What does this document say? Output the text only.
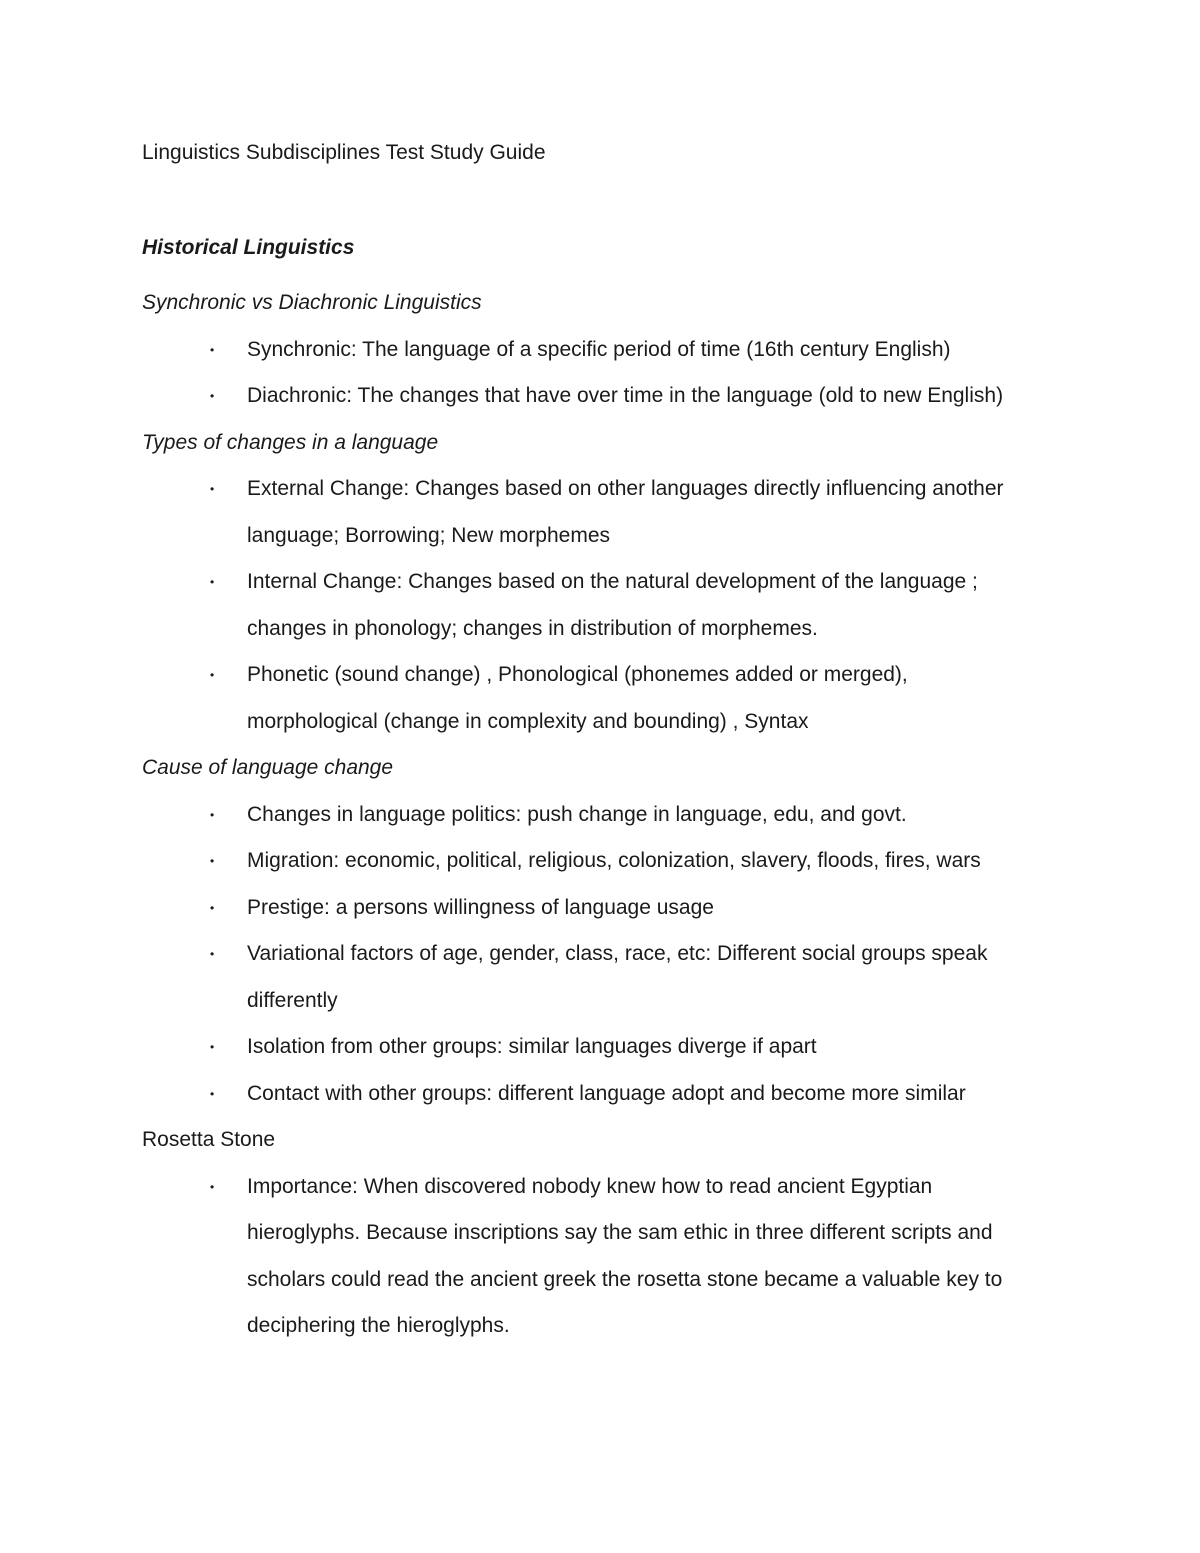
Linguistics Subdisciplines Test Study Guide
Historical Linguistics
Synchronic vs Diachronic Linguistics
• Synchronic: The language of a specific period of time (16th century English)
• Diachronic: The changes that have over time in the language (old to new English)
Types of changes in a language
• External Change: Changes based on other languages directly influencing another language; Borrowing; New morphemes
• Internal Change: Changes based on the natural development of the language ; changes in phonology; changes in distribution of morphemes.
• Phonetic (sound change) , Phonological (phonemes added or merged), morphological (change in complexity and bounding) , Syntax
Cause of language change
• Changes in language politics: push change in language, edu, and govt.
• Migration: economic, political, religious, colonization, slavery, floods, fires, wars
• Prestige: a persons willingness of language usage
• Variational factors of age, gender, class, race, etc: Different social groups speak differently
• Isolation from other groups: similar languages diverge if apart
• Contact with other groups: different language adopt and become more similar
Rosetta Stone
• Importance: When discovered nobody knew how to read ancient Egyptian hieroglyphs. Because inscriptions say the sam ethic in three different scripts and scholars could read the ancient greek the rosetta stone became a valuable key to deciphering the hieroglyphs.
